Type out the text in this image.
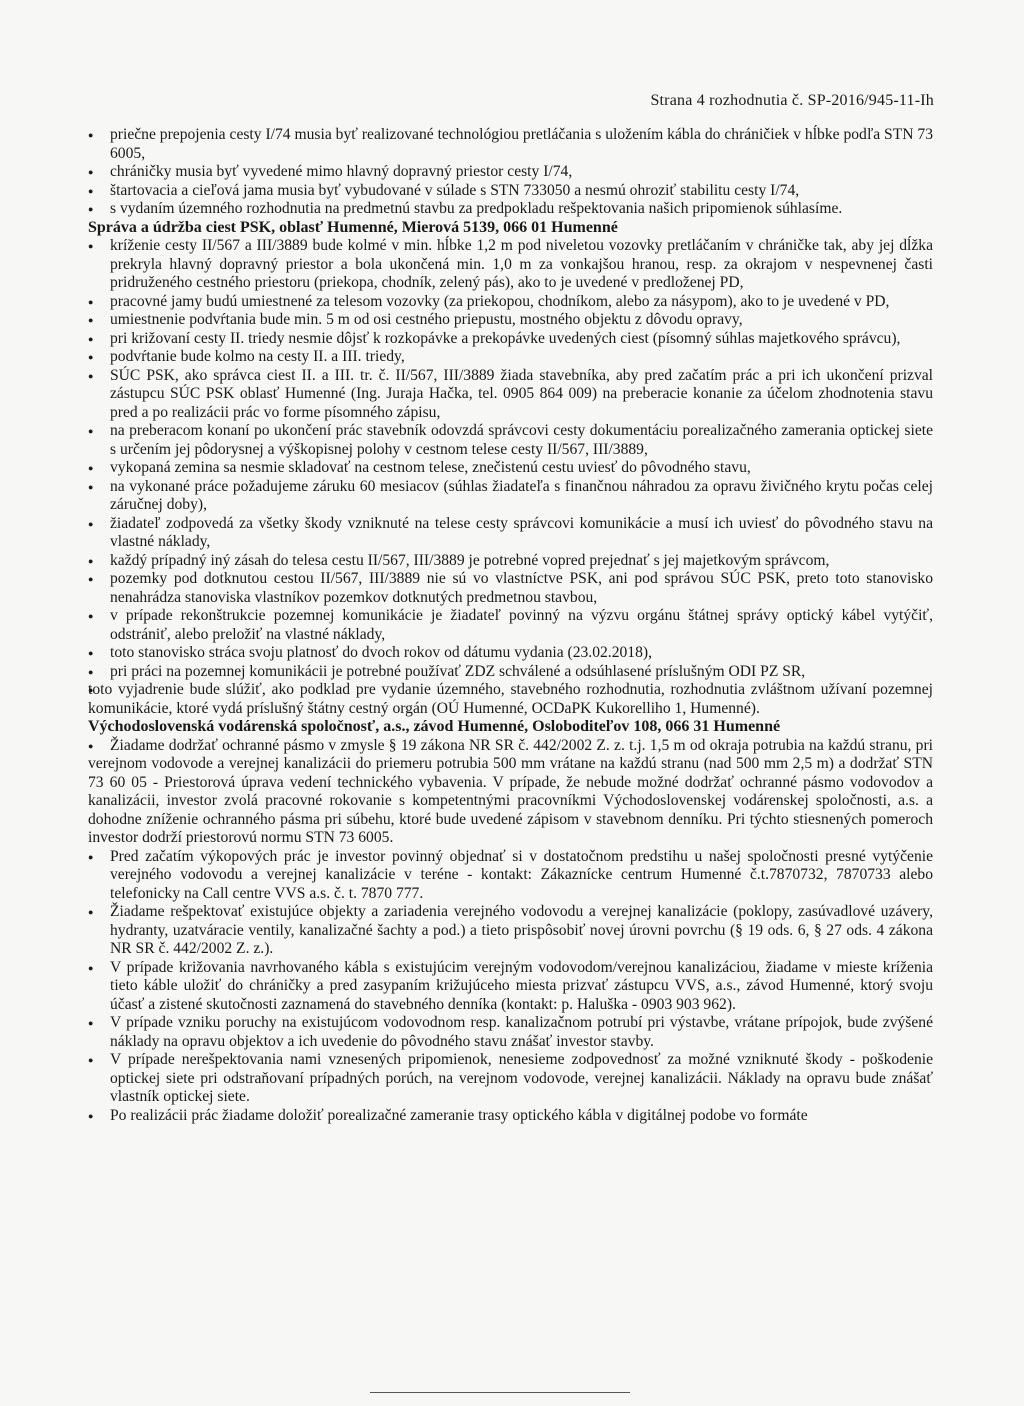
Strana 4 rozhodnutia č. SP-2016/945-11-Ih
● priečne prepojenia cesty I/74 musia byť realizované technológiou pretláčania s uložením kábla do chráničiek v hĺbke podľa STN 73 6005,
● chráničky musia byť vyvedené mimo hlavný dopravný priestor cesty I/74,
● štartovacia a cieľová jama musia byť vybudované v súlade s STN 733050 a nesmú ohroziť stabilitu cesty I/74,
● s vydaním územného rozhodnutia na predmetnú stavbu za predpokladu rešpektovania našich pripomienok súhlasíme.
Správa a údržba ciest PSK, oblasť Humenné, Mierová 5139, 066 01 Humenné
● kríženie cesty II/567 a III/3889 bude kolmé v min. hĺbke 1,2 m pod niveletou vozovky pretláčaním v chráničke tak, aby jej dĺžka prekryla hlavný dopravný priestor a bola ukončená min. 1,0 m za vonkajšou hranou, resp. za okrajom v nespevnenej časti pridruženého cestného priestoru (priekopa, chodník, zelený pás), ako to je uvedené v predloženej PD,
● pracovné jamy budú umiestnené za telesom vozovky (za priekopou, chodníkom, alebo za násypom), ako to je uvedené v PD,
● umiestnenie podvŕtania bude min. 5 m od osi cestného priepustu, mostného objektu z dôvodu opravy,
● pri križovaní cesty II. triedy nesmie dôjsť k rozkopávke a prekopávke uvedených ciest (písomný súhlas majetkového správcu),
● podvŕtanie bude kolmo na cesty II. a III. triedy,
● SÚC PSK, ako správca ciest II. a III. tr. č. II/567, III/3889 žiada stavebníka, aby pred začatím prác a pri ich ukončení prizval zástupcu SÚC PSK oblasť Humenné (Ing. Juraja Hačka, tel. 0905 864 009) na preberacie konanie za účelom zhodnotenia stavu pred a po realizácii prác vo forme písomného zápisu,
● na preberacom konaní po ukončení prác stavebník odovzdá správcovi cesty dokumentáciu porealizačného zamerania optickej siete s určením jej pôdorysnej a výškopisnej polohy v cestnom telese cesty II/567, III/3889,
● vykopaná zemina sa nesmie skladovať na cestnom telese, znečistenú cestu uviesť do pôvodného stavu,
● na vykonané práce požadujeme záruku 60 mesiacov (súhlas žiadateľa s finančnou náhradou za opravu živičného krytu počas celej záručnej doby),
● žiadateľ zodpovedá za všetky škody vzniknuté na telese cesty správcovi komunikácie a musí ich uviesť do pôvodného stavu na vlastné náklady,
● každý prípadný iný zásah do telesa cestu II/567, III/3889 je potrebné vopred prejednať s jej majetkovým správcom,
● pozemky pod dotknutou cestou II/567, III/3889 nie sú vo vlastníctve PSK, ani pod správou SÚC PSK, preto toto stanovisko nenahrádza stanoviska vlastníkov pozemkov dotknutých predmetnou stavbou,
● v prípade rekonštrukcie pozemnej komunikácie je žiadateľ povinný na výzvu orgánu štátnej správy optický kábel vytýčiť, odstrániť, alebo preložiť na vlastné náklady,
● toto stanovisko stráca svoju platnosť do dvoch rokov od dátumu vydania (23.02.2018),
● pri práci na pozemnej komunikácii je potrebné používať ZDZ schválené a odsúhlasené príslušným ODI PZ SR,

● toto vyjadrenie bude slúžiť, ako podklad pre vydanie územného, stavebného rozhodnutia, rozhodnutia zvláštnom užívaní pozemnej komunikácie, ktoré vydá príslušný štátny cestný orgán (OÚ Humenné, OCDaPK Kukorelliho 1, Humenné).

Východoslovenská vodárenská spoločnosť, a.s., závod Humenné, Osloboditeľov 108, 066 31 Humenné

● Žiadame dodržať ochranné pásmo v zmysle § 19 zákona NR SR č. 442/2002 Z. z. t.j. 1,5 m od okraja potrubia na každú stranu, pri verejnom vodovode a verejnej kanalizácii do priemeru potrubia 500 mm vrátane na každú stranu (nad 500 mm 2,5 m) a dodržať STN 73 60 05 - Priestorová úprava vedení technického vybavenia. V prípade, že nebude možné dodržať ochranné pásmo vodovodov a kanalizácii, investor zvolá pracovné rokovanie s kompetentnými pracovníkmi Východoslovenskej vodárenskej spoločnosti, a.s. a dohodne zníženie ochranného pásma pri súbehu, ktoré bude uvedené zápisom v stavebnom denníku. Pri týchto stiesnených pomeroch investor dodrží priestorovú normu STN 73 6005.

● Pred začatím výkopových prác je investor povinný objednať si v dostatočnom predstihu u našej spoločnosti presné vytýčenie verejného vodovodu a verejnej kanalizácie v teréne - kontakt: Zákaznícke centrum Humenné č.t.7870732, 7870733 alebo telefonicky na Call centre VVS a.s. č. t. 7870 777.
● Žiadame rešpektovať existujúce objekty a zariadenia verejného vodovodu a verejnej kanalizácie (poklopy, zasúvadlové uzávery, hydranty, uzatváracie ventily, kanalizačné šachty a pod.) a tieto prispôsobiť novej úrovni povrchu (§ 19 ods. 6, § 27 ods. 4 zákona NR SR č. 442/2002 Z. z.).
● V prípade križovania navrhovaného kábla s existujúcim verejným vodovodom/verejnou kanalizáciou, žiadame v mieste kríženia tieto káble uložiť do chráničky a pred zasypaním križujúceho miesta prizvať zástupcu VVS, a.s., závod Humenné, ktorý svoju účasť a zistené skutočnosti zaznamená do stavebného denníka (kontakt: p. Haluška - 0903 903 962).
● V prípade vzniku poruchy na existujúcom vodovodnom resp. kanalizačnom potrubí pri výstavbe, vrátane prípojok, bude zvýšené náklady na opravu objektov a ich uvedenie do pôvodného stavu znášať investor stavby.
● V prípade nerešpektovania nami vznesených pripomienok, nenesieme zodpovednosť za možné vzniknuté škody - poškodenie optickej siete pri odstraňovaní prípadných porúch, na verejnom vodovode, verejnej kanalizácii. Náklady na opravu bude znášať vlastník optickej siete.
● Po realizácii prác žiadame doložiť porealizačné zameranie trasy optického kábla v digitálnej podobe vo formáte
